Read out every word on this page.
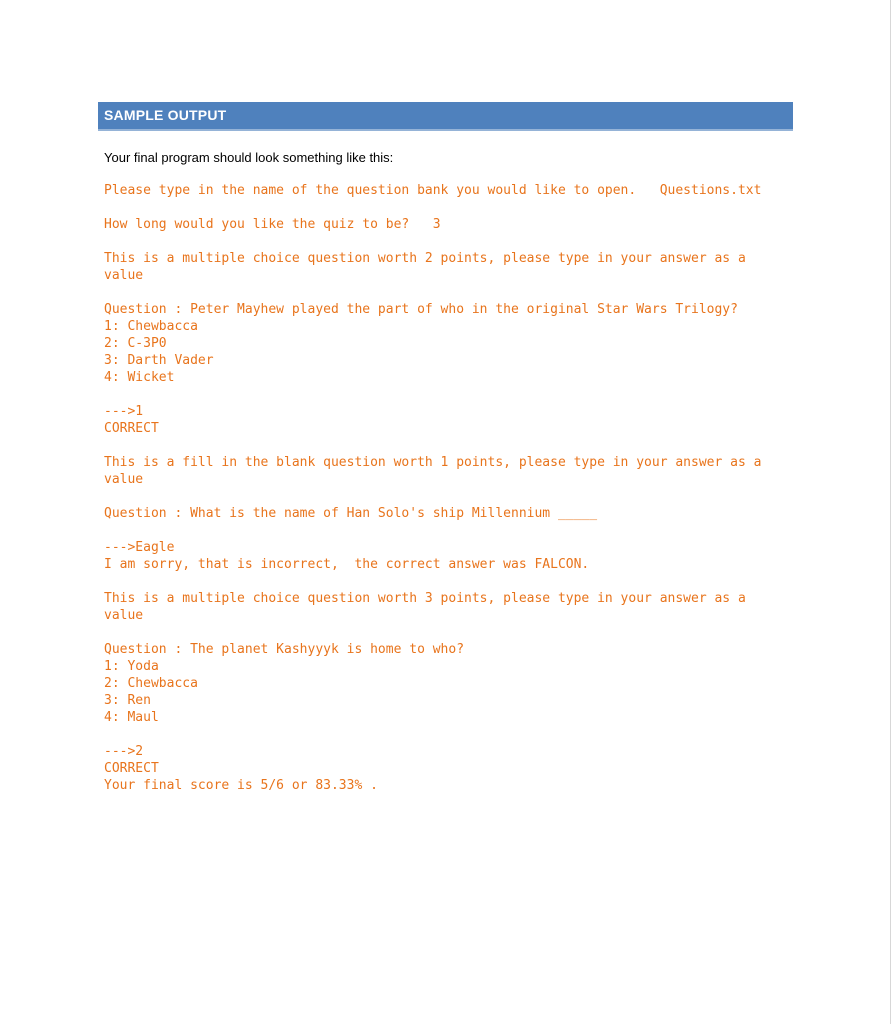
SAMPLE OUTPUT
Your final program should look something like this:
Please type in the name of the question bank you would like to open.   Questions.txt
How long would you like the quiz to be?   3
This is a multiple choice question worth 2 points, please type in your answer as a
value
Question : Peter Mayhew played the part of who in the original Star Wars Trilogy?
1: Chewbacca
2: C-3P0
3: Darth Vader
4: Wicket
--->1
CORRECT
This is a fill in the blank question worth 1 points, please type in your answer as a
value
Question : What is the name of Han Solo's ship Millennium _____
--->Eagle
I am sorry, that is incorrect,  the correct answer was FALCON.
This is a multiple choice question worth 3 points, please type in your answer as a
value
Question : The planet Kashyyyk is home to who?
1: Yoda
2: Chewbacca
3: Ren
4: Maul
--->2
CORRECT
Your final score is 5/6 or 83.33% .
